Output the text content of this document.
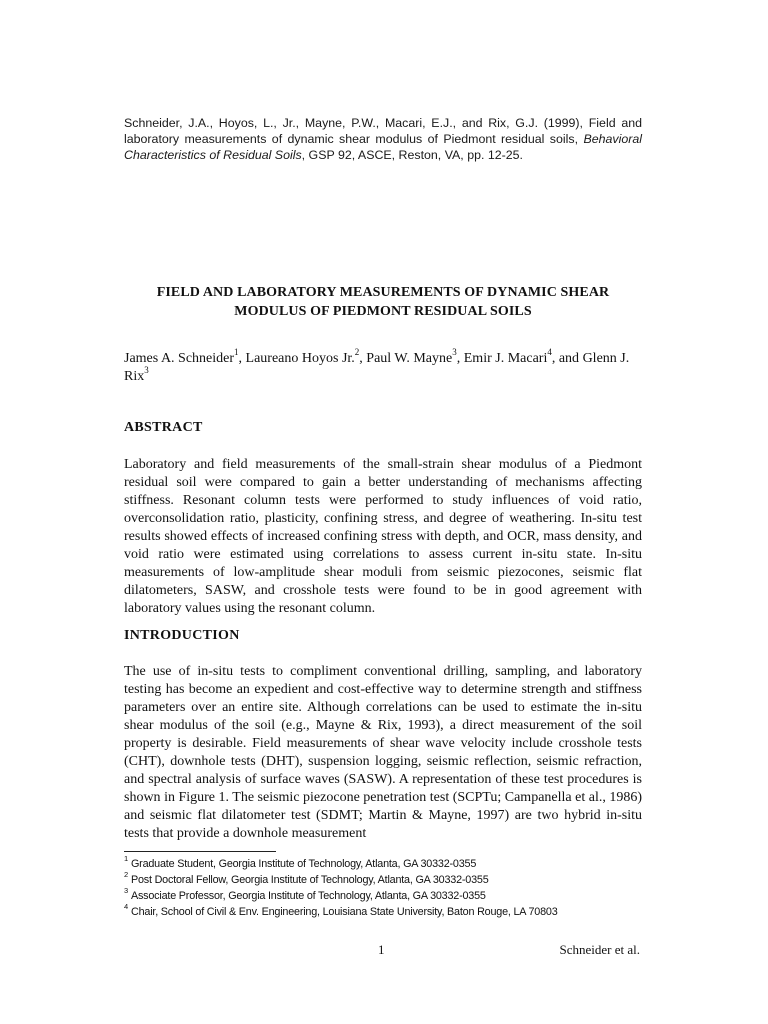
Schneider, J.A., Hoyos, L., Jr., Mayne, P.W., Macari, E.J., and Rix, G.J. (1999), Field and laboratory measurements of dynamic shear modulus of Piedmont residual soils, Behavioral Characteristics of Residual Soils, GSP 92, ASCE, Reston, VA, pp. 12-25.
FIELD AND LABORATORY MEASUREMENTS OF DYNAMIC SHEAR
MODULUS OF PIEDMONT RESIDUAL SOILS
James A. Schneider$^1$, Laureano Hoyos Jr.$^2$, Paul W. Mayne$^3$, Emir J. Macari$^4$, and Glenn J. Rix$^3$
ABSTRACT
Laboratory and field measurements of the small-strain shear modulus of a Piedmont residual soil were compared to gain a better understanding of mechanisms affecting stiffness. Resonant column tests were performed to study influences of void ratio, overconsolidation ratio, plasticity, confining stress, and degree of weathering. In-situ test results showed effects of increased confining stress with depth, and OCR, mass density, and void ratio were estimated using correlations to assess current in-situ state. In-situ measurements of low-amplitude shear moduli from seismic piezocones, seismic flat dilatometers, SASW, and crosshole tests were found to be in good agreement with laboratory values using the resonant column.
INTRODUCTION
The use of in-situ tests to compliment conventional drilling, sampling, and laboratory testing has become an expedient and cost-effective way to determine strength and stiffness parameters over an entire site. Although correlations can be used to estimate the in-situ shear modulus of the soil (e.g., Mayne & Rix, 1993), a direct measurement of the soil property is desirable. Field measurements of shear wave velocity include crosshole tests (CHT), downhole tests (DHT), suspension logging, seismic reflection, seismic refraction, and spectral analysis of surface waves (SASW). A representation of these test procedures is shown in Figure 1. The seismic piezocone penetration test (SCPTu; Campanella et al., 1986) and seismic flat dilatometer test (SDMT; Martin & Mayne, 1997) are two hybrid in-situ tests that provide a downhole measurement
$^1$ Graduate Student, Georgia Institute of Technology, Atlanta, GA 30332-0355
$^2$ Post Doctoral Fellow, Georgia Institute of Technology, Atlanta, GA 30332-0355
$^3$ Associate Professor, Georgia Institute of Technology, Atlanta, GA 30332-0355
$^4$ Chair, School of Civil & Env. Engineering, Louisiana State University, Baton Rouge, LA 70803
1	Schneider et al.
